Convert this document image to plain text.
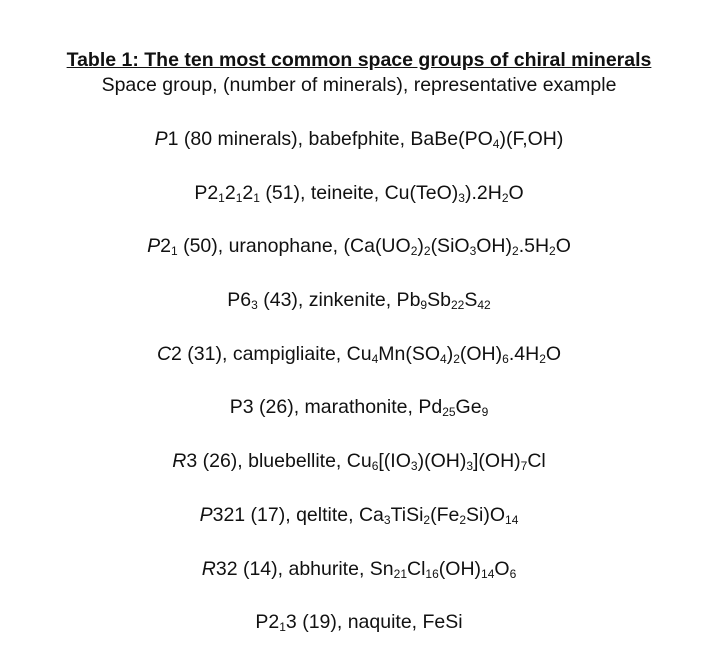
Table 1: The ten most common space groups of chiral minerals

Space group, (number of minerals), representative example

P1 (80 minerals), babefphite, $BaBe(PO_4)(F,OH)$

$P2_12_12_1$ (51), teineite, $Cu(TeO)_3).2H_2O$

$P2_1$ (50), uranophane, ($Ca(UO_2)_2(SiO_3OH)_2.5H_2O$

$P6_3$ (43), zinkenite, $Pb_9Sb_{22}S_{42}$

C2 (31), campigliaite, $Cu_4Mn(SO_4)_2(OH)_6.4H_2O$

P3 (26), marathonite, $Pd_{25}Ge_9$

R3 (26), bluebellite, $Cu_6[(IO_3)(OH)_3](OH)_7Cl$

P321 (17), qeltite, $Ca_3TiSi_2(Fe_2Si)O_{14}$

R32 (14), abhurite, $Sn_{21}Cl_{16}(OH)_{14}O_6$

$P2_13$ (19), naquite, FeSi
